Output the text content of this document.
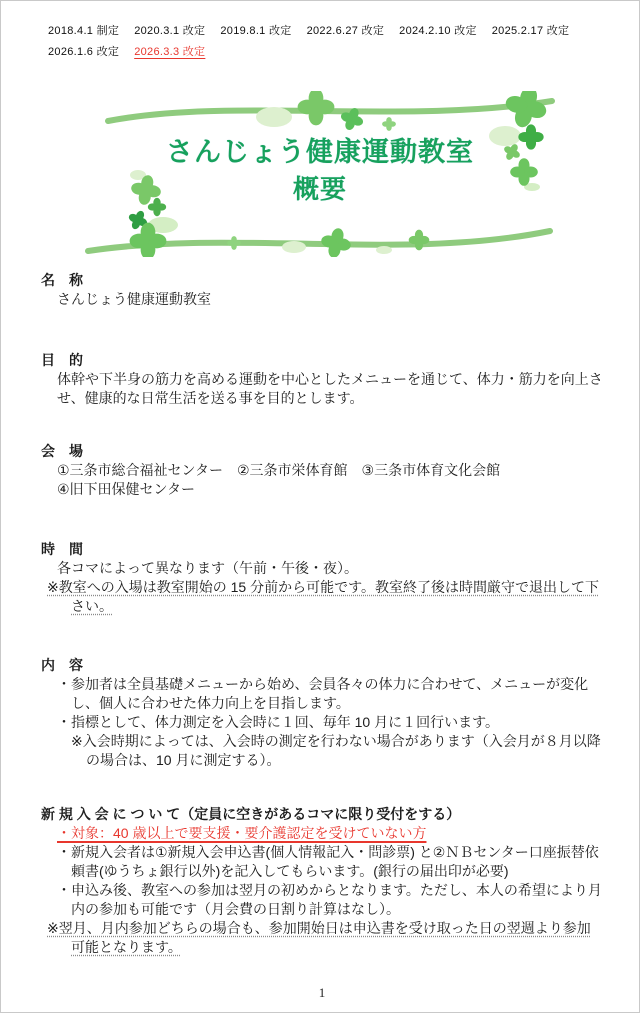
2018.4.1 制定 2020.3.1 改定 2019.8.1 改定 2022.6.27 改定 2024.2.10 改定 2025.2.17 改定
2026.1.6 改定 2026.3.3 改定
さんじょう健康運動教室
概要

名　称

さんじょう健康運動教室

目　的

体幹や下半身の筋力を高める運動を中心としたメニューを通じて、体力・筋力を向上させ、健康的な日常生活を送る事を目的とします。

会　場

①三条市総合福祉センター　②三条市栄体育館　③三条市体育文化会館

④旧下田保健センター

時　間

各コマによって異なります（午前・午後・夜）。

※教室への入場は教室開始の 15 分前から可能です。教室終了後は時間厳守で退出して下さい。

内　容

・参加者は全員基礎メニューから始め、会員各々の体力に合わせて、メニューが変化し、個人に合わせた体力向上を目指します。

・指標として、体力測定を入会時に１回、毎年 10 月に１回行います。

※入会時期によっては、入会時の測定を行わない場合があります（入会月が８月以降の場合は、10 月に測定する）。

新 規 入 会 に つ い て（定員に空きがあるコマに限り受付をする）

・対象：40 歳以上で要支援・要介護認定を受けていない方

・新規入会者は①新規入会申込書(個人情報記入・問診票) と②ＮＢセンター口座振替依頼書(ゆうちょ銀行以外)を記入してもらいます。(銀行の届出印が必要)

・申込み後、教室への参加は翌月の初めからとなります。ただし、本人の希望により月内の参加も可能です（月会費の日割り計算はなし）。

※翌月、月内参加どちらの場合も、参加開始日は申込書を受け取った日の翌週より参加可能となります。

1
